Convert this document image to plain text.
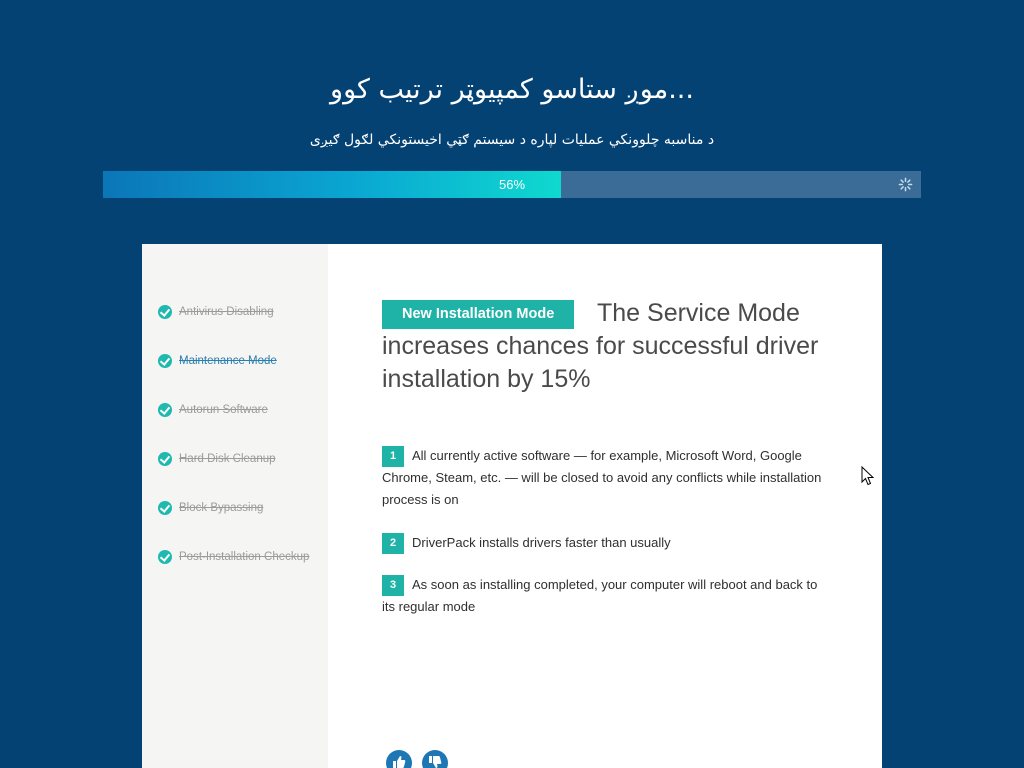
...موږ ستاسو کمپیوټر ترتیب کوو
د مناسبه چلوونکي عملیات لپاره د سیستم ګټي اخیستونکي لګول ګیږی
56%
Antivirus Disabling
Maintenance Mode
Autorun Software
Hard Disk Cleanup
Block Bypassing
Post-Installation Checkup
The Service Mode increases chances for successful driver installation by 15%
New Installation Mode
1 All currently active software — for example, Microsoft Word, Google Chrome, Steam, etc. — will be closed to avoid any conflicts while installation process is on
2 DriverPack installs drivers faster than usually
3 As soon as installing completed, your computer will reboot and back to its regular mode
